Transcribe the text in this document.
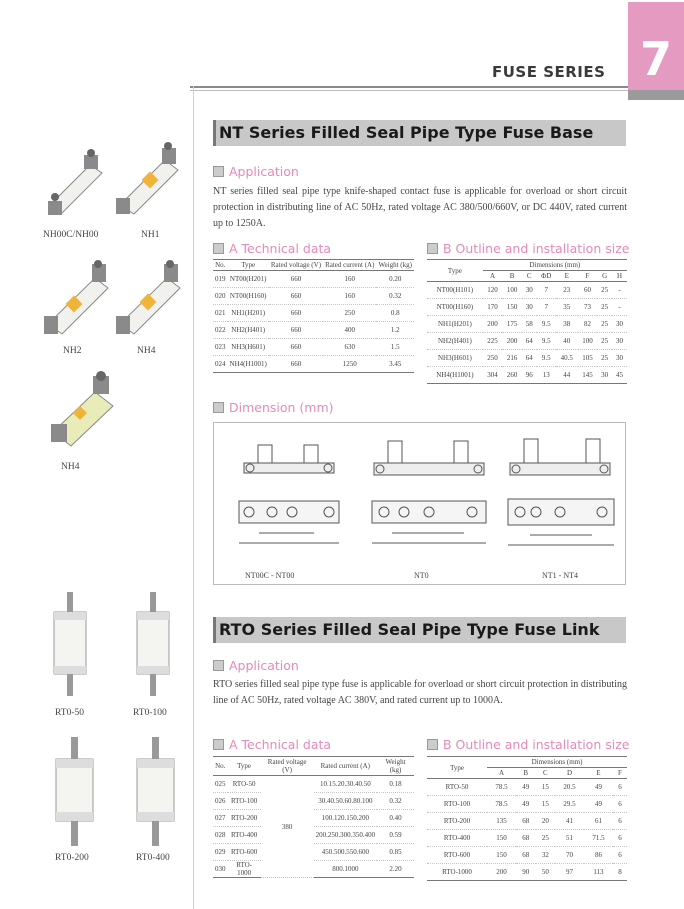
FUSE SERIES 7
NH00C/NH00	NH1
NH2	NH4
NH4
RT0-50	RT0-100
RT0-200	RT0-400
NT Series Filled Seal Pipe Type Fuse Base
Application
NT series filled seal pipe type knife-shaped contact fuse is applicable for overload or short circuit protection in distributing line of AC 50Hz, rated voltage AC 380/500/660V, or DC 440V, rated current up to 1250A.
A Technical data	B Outline and installation size
No.	Type	Rated voltage (V)	Rated current (A)	Weight (kg)
019	NT00(H201)	660	160	0.20
020	NT00(H160)	660	160	0.32
021	NH1(H201)	660	250	0.8
022	NH2(H401)	660	400	1.2
023	NH3(H601)	660	630	1.5
024	NH4(H1001)	660	1250	3.45
Type	Dimensions (mm)							
	A	B	C	ΦD	E	F	G	H
NT00(H101)	120	100	30	7	23	60	25	-
NT00(H160)	170	150	30	7	35	73	25	-
NH1(H201)	200	175	58	9.5	38	82	25	30
NH2(H401)	225	200	64	9.5	40	100	25	30
NH3(H601)	250	216	64	9.5	40.5	105	25	30
NH4(H1001)	304	260	96	13	44	145	30	45
Dimension (mm)
NT00C - NT00	NT0	NT1 - NT4
RTO Series Filled Seal Pipe Type Fuse Link
Application
RTO series filled seal pipe type fuse is applicable for overload or short circuit protection in distributing line of AC 50Hz, rated voltage AC 380V, and rated current up to 1000A.
A Technical data	B Outline and installation size
No.	Type	Rated voltage (V)	Rated current (A)	Weight (kg)
025	RTO-50	380	10.15.20.30.40.50	0.18
026	RTO-100		30.40.50.60.80.100	0.32
027	RTO-200		100.120.150.200	0.40
028	RTO-400		200.250.300.350.400	0.59
029	RTO-600		450.500.550.600	0.85
030	RTO-1000		800.1000	2.20
Type	Dimensions (mm)					
	A	B	C	D	E	F
RTO-50	78.5	49	15	20.5	49	6
RTO-100	78.5	49	15	29.5	49	6
RTO-200	135	68	20	41	61	6
RTO-400	150	68	25	51	71.5	6
RTO-600	150	68	32	70	86	6
RTO-1000	200	90	50	97	113	8
